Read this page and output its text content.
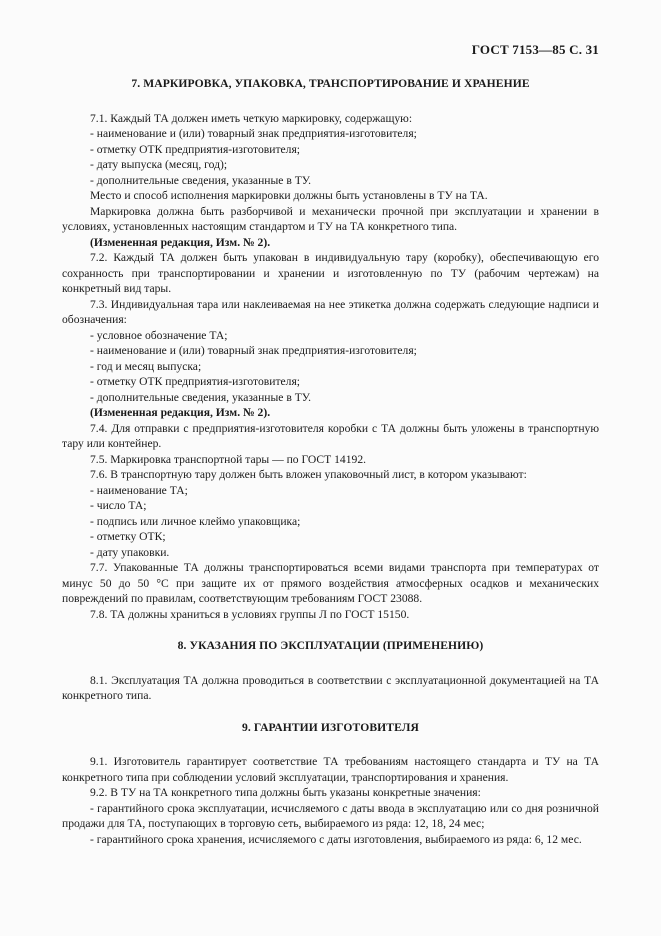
ГОСТ 7153—85 С. 31
7. МАРКИРОВКА, УПАКОВКА, ТРАНСПОРТИРОВАНИЕ И ХРАНЕНИЕ

7.1. Каждый ТА должен иметь четкую маркировку, содержащую:

- наименование и (или) товарный знак предприятия-изготовителя;

- отметку ОТК предприятия-изготовителя;

- дату выпуска (месяц, год);

- дополнительные сведения, указанные в ТУ.

Место и способ исполнения маркировки должны быть установлены в ТУ на ТА.

Маркировка должна быть разборчивой и механически прочной при эксплуатации и хранении в условиях, установленных настоящим стандартом и ТУ на ТА конкретного типа.

(Измененная редакция, Изм. № 2).

7.2. Каждый ТА должен быть упакован в индивидуальную тару (коробку), обеспечивающую его сохранность при транспортировании и хранении и изготовленную по ТУ (рабочим чертежам) на конкретный вид тары.

7.3. Индивидуальная тара или наклеиваемая на нее этикетка должна содержать следующие надписи и обозначения:

- условное обозначение ТА;

- наименование и (или) товарный знак предприятия-изготовителя;

- год и месяц выпуска;

- отметку ОТК предприятия-изготовителя;

- дополнительные сведения, указанные в ТУ.

(Измененная редакция, Изм. № 2).

7.4. Для отправки с предприятия-изготовителя коробки с ТА должны быть уложены в транспортную тару или контейнер.

7.5. Маркировка транспортной тары — по ГОСТ 14192.

7.6. В транспортную тару должен быть вложен упаковочный лист, в котором указывают:

- наименование ТА;

- число ТА;

- подпись или личное клеймо упаковщика;

- отметку ОТК;

- дату упаковки.

7.7. Упакованные ТА должны транспортироваться всеми видами транспорта при температурах от минус 50 до 50 °С при защите их от прямого воздействия атмосферных осадков и механических повреждений по правилам, соответствующим требованиям ГОСТ 23088.

7.8. ТА должны храниться в условиях группы Л по ГОСТ 15150.

8. УКАЗАНИЯ ПО ЭКСПЛУАТАЦИИ (ПРИМЕНЕНИЮ)

8.1. Эксплуатация ТА должна проводиться в соответствии с эксплуатационной документацией на ТА конкретного типа.

9. ГАРАНТИИ ИЗГОТОВИТЕЛЯ

9.1. Изготовитель гарантирует соответствие ТА требованиям настоящего стандарта и ТУ на ТА конкретного типа при соблюдении условий эксплуатации, транспортирования и хранения.

9.2. В ТУ на ТА конкретного типа должны быть указаны конкретные значения:

- гарантийного срока эксплуатации, исчисляемого с даты ввода в эксплуатацию или со дня розничной продажи для ТА, поступающих в торговую сеть, выбираемого из ряда: 12, 18, 24 мес;

- гарантийного срока хранения, исчисляемого с даты изготовления, выбираемого из ряда: 6, 12 мес.
